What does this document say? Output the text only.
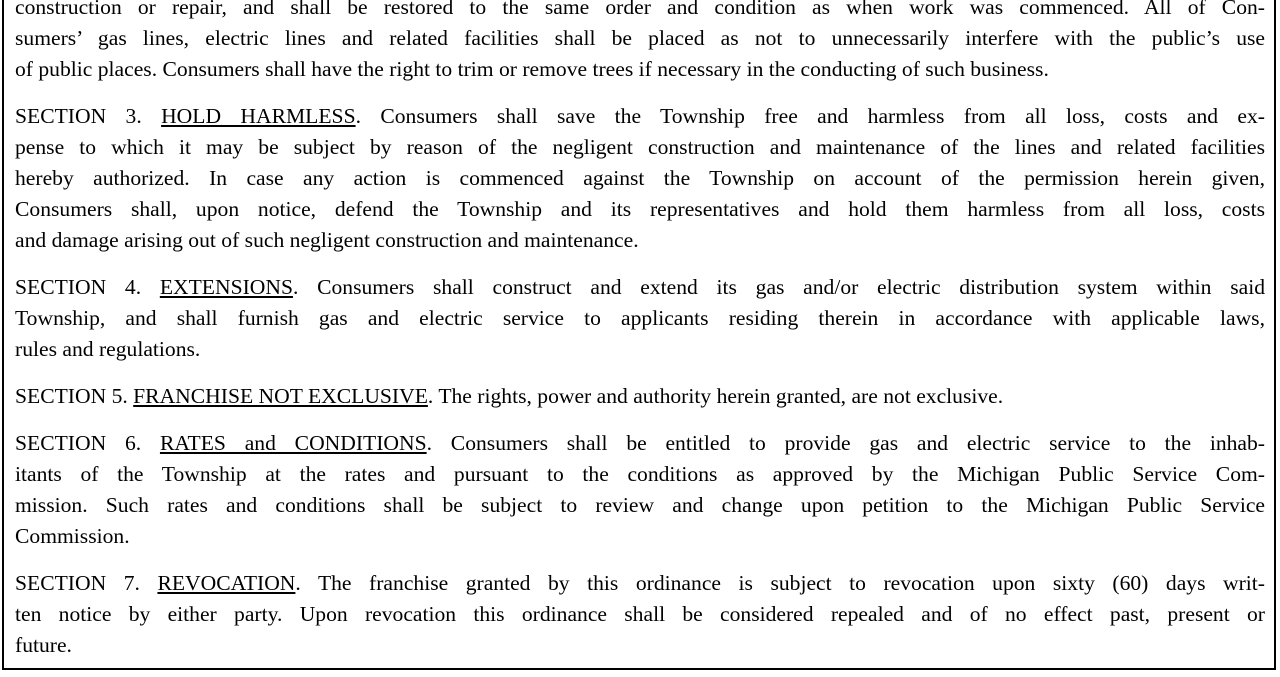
construction or repair, and shall be restored to the same order and condition as when work was commenced. All of Con-
sumers’ gas lines, electric lines and related facilities shall be placed as not to unnecessarily interfere with the public’s use
of public places. Consumers shall have the right to trim or remove trees if necessary in the conducting of such business.
SECTION 3. HOLD HARMLESS. Consumers shall save the Township free and harmless from all loss, costs and ex-
pense to which it may be subject by reason of the negligent construction and maintenance of the lines and related facilities
hereby authorized. In case any action is commenced against the Township on account of the permission herein given,
Consumers shall, upon notice, defend the Township and its representatives and hold them harmless from all loss, costs
and damage arising out of such negligent construction and maintenance.
SECTION 4. EXTENSIONS. Consumers shall construct and extend its gas and/or electric distribution system within said
Township, and shall furnish gas and electric service to applicants residing therein in accordance with applicable laws,
rules and regulations.
SECTION 5. FRANCHISE NOT EXCLUSIVE. The rights, power and authority herein granted, are not exclusive.
SECTION 6. RATES and CONDITIONS. Consumers shall be entitled to provide gas and electric service to the inhab-
itants of the Township at the rates and pursuant to the conditions as approved by the Michigan Public Service Com-
mission. Such rates and conditions shall be subject to review and change upon petition to the Michigan Public Service
Commission.
SECTION 7. REVOCATION. The franchise granted by this ordinance is subject to revocation upon sixty (60) days writ-
ten notice by either party. Upon revocation this ordinance shall be considered repealed and of no effect past, present or
future.
